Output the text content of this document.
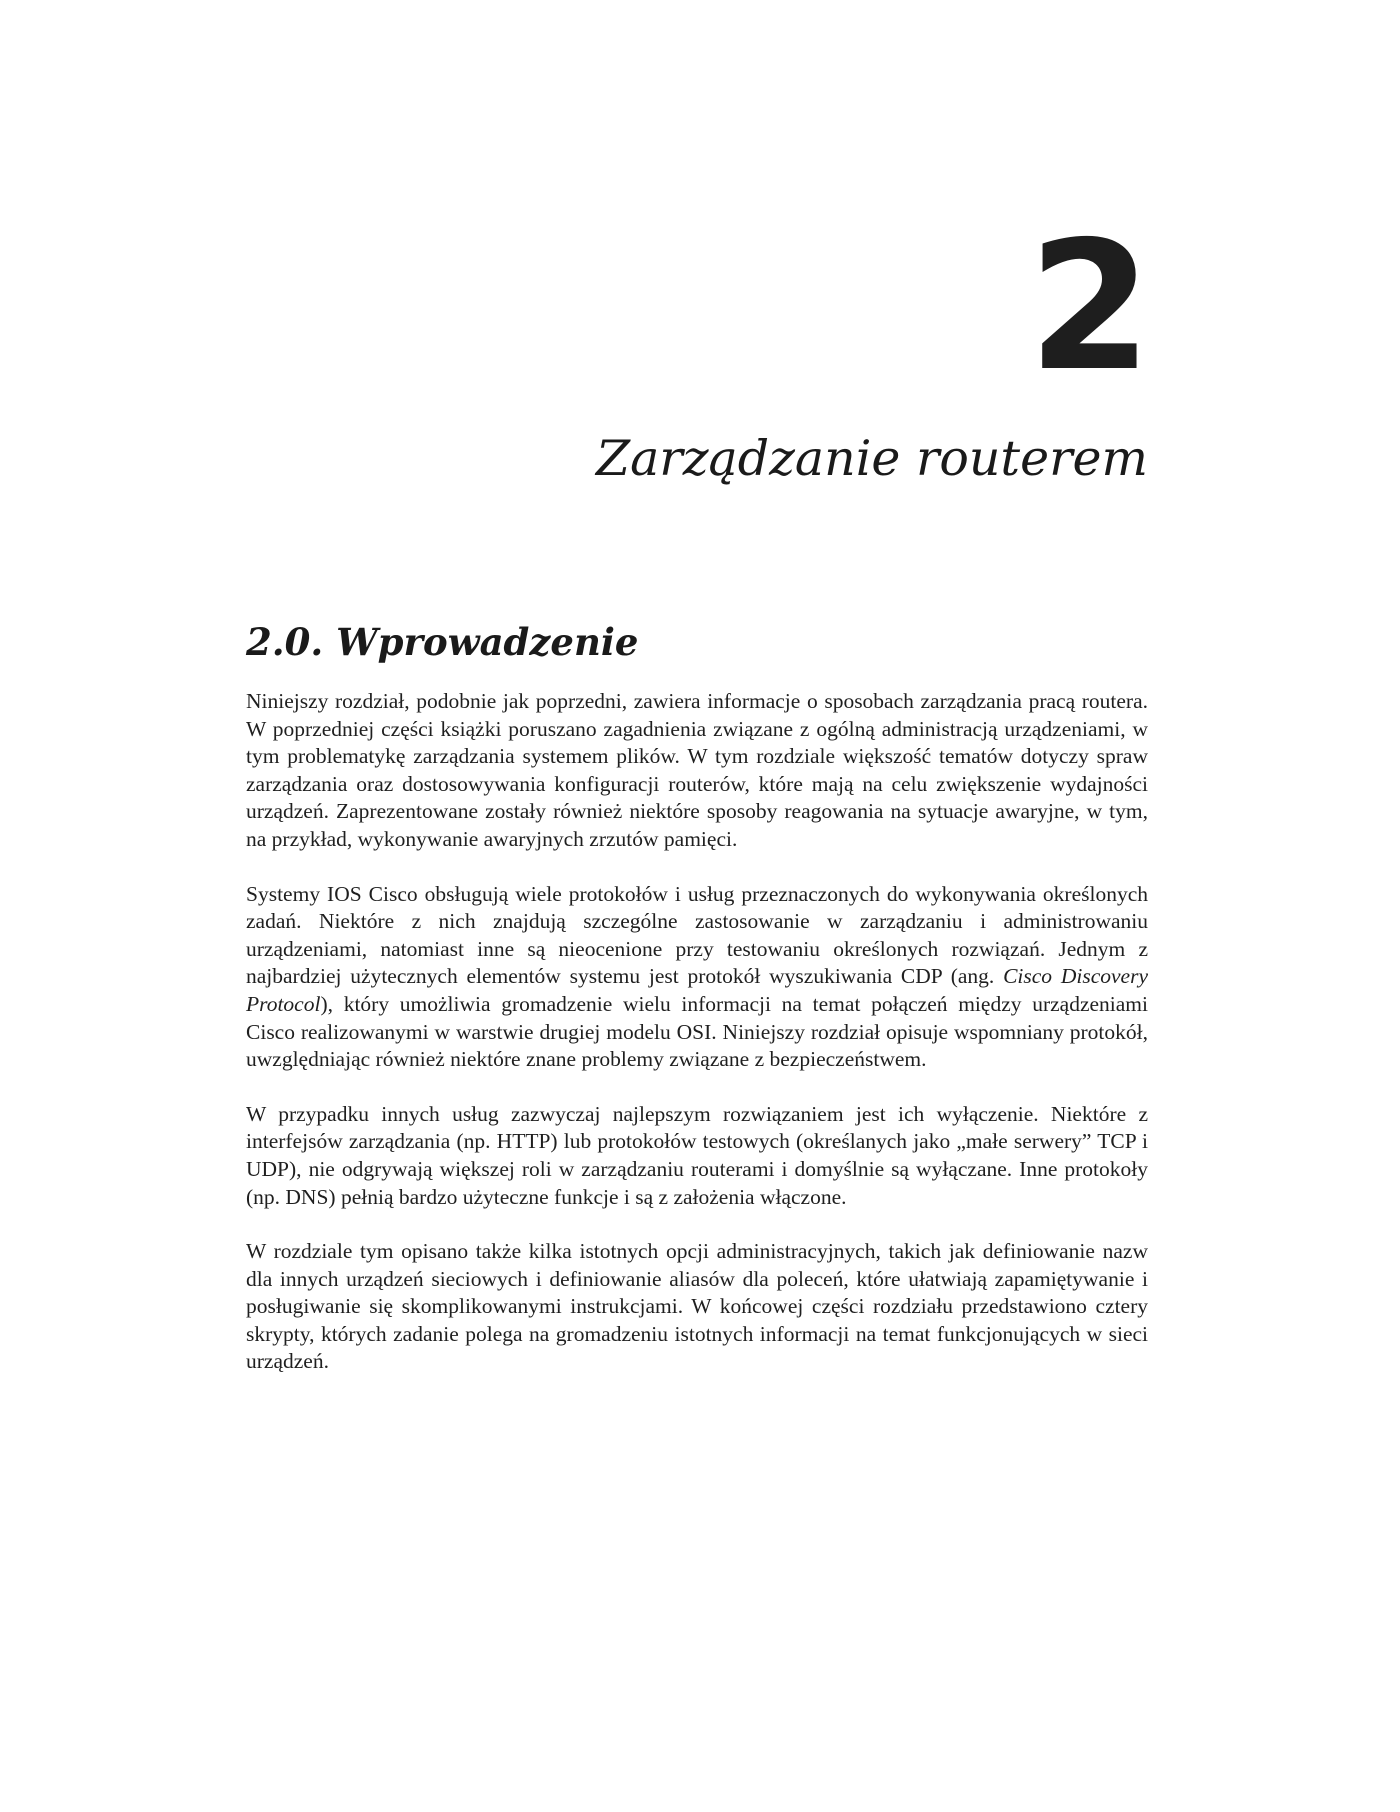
2
Zarządzanie routerem
2.0. Wprowadzenie

Niniejszy rozdział, podobnie jak poprzedni, zawiera informacje o sposobach zarządzania pracą routera. W poprzedniej części książki poruszano zagadnienia związane z ogólną administracją urządzeniami, w tym problematykę zarządzania systemem plików. W tym rozdziale większość tematów dotyczy spraw zarządzania oraz dostosowywania konfiguracji routerów, które mają na celu zwiększenie wydajności urządzeń. Zaprezentowane zostały również niektóre sposoby reagowania na sytuacje awaryjne, w tym, na przykład, wykonywanie awaryjnych zrzutów pamięci.

Systemy IOS Cisco obsługują wiele protokołów i usług przeznaczonych do wykonywania określonych zadań. Niektóre z nich znajdują szczególne zastosowanie w zarządzaniu i administrowaniu urządzeniami, natomiast inne są nieocenione przy testowaniu określonych rozwiązań. Jednym z najbardziej użytecznych elementów systemu jest protokół wyszukiwania CDP (ang. Cisco Discovery Protocol), który umożliwia gromadzenie wielu informacji na temat połączeń między urządzeniami Cisco realizowanymi w warstwie drugiej modelu OSI. Niniejszy rozdział opisuje wspomniany protokół, uwzględniając również niektóre znane problemy związane z bezpieczeństwem.

W przypadku innych usług zazwyczaj najlepszym rozwiązaniem jest ich wyłączenie. Niektóre z interfejsów zarządzania (np. HTTP) lub protokołów testowych (określanych jako „małe serwery” TCP i UDP), nie odgrywają większej roli w zarządzaniu routerami i domyślnie są wyłączane. Inne protokoły (np. DNS) pełnią bardzo użyteczne funkcje i są z założenia włączone.

W rozdziale tym opisano także kilka istotnych opcji administracyjnych, takich jak definiowanie nazw dla innych urządzeń sieciowych i definiowanie aliasów dla poleceń, które ułatwiają zapamiętywanie i posługiwanie się skomplikowanymi instrukcjami. W końcowej części rozdziału przedstawiono cztery skrypty, których zadanie polega na gromadzeniu istotnych informacji na temat funkcjonujących w sieci urządzeń.
